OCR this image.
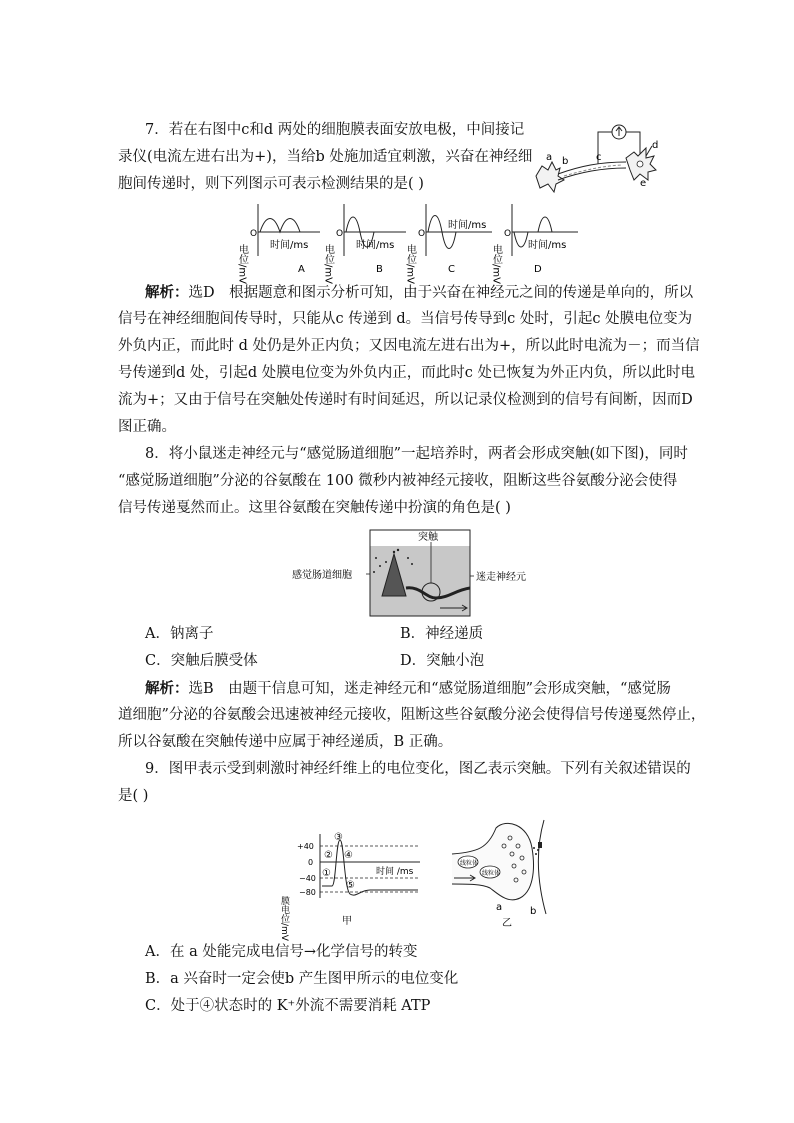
7．若在右图中c和d 两处的细胞膜表面安放电极，中间接记
录仪(电流左进右出为+)，当给b 处施加适宜刺激，兴奋在神经细
胞间传递时，则下列图示可表示检测结果的是( )
a b	c
d
e
电位/mV
O
时间/ms
A 电位/mV
O
时间/ms
B 电位/mV
O
时间/ms
C	电位/mV
O
时间/ms
D
解析：选D　根据题意和图示分析可知，由于兴奋在神经元之间的传递是单向的，所以
信号在神经细胞间传导时，只能从c 传递到 d。当信号传导到c 处时，引起c 处膜电位变为
外负内正，而此时 d 处仍是外正内负；又因电流左进右出为+，所以此时电流为－；而当信
号传递到d 处，引起d 处膜电位变为外负内正，而此时c 处已恢复为外正内负，所以此时电
流为+；又由于信号在突触处传递时有时间延迟，所以记录仪检测到的信号有间断，因而D
图正确。
8．将小鼠迷走神经元与“感觉肠道细胞”一起培养时，两者会形成突触(如下图)，同时
“感觉肠道细胞”分泌的谷氨酸在 100 微秒内被神经元接收，阻断这些谷氨酸分泌会使得
信号传递戛然而止。这里谷氨酸在突触传递中扮演的角色是( )
突触
感觉肠道细胞	迷走神经元
A．钠离子	B．神经递质
C．突触后膜受体	D．突触小泡
解析：选B　由题干信息可知，迷走神经元和“感觉肠道细胞”会形成突触，“感觉肠
道细胞”分泌的谷氨酸会迅速被神经元接收，阻断这些谷氨酸分泌会使得信号传递戛然停止，
所以谷氨酸在突触传递中应属于神经递质，B 正确。
9．图甲表示受到刺激时神经纤维上的电位变化，图乙表示突触。下列有关叙述错误的
是( )
膜电位/mV
+40
0
−40
−80
时间 /ms
①
②
③
④
⑤
甲
线粒体
线粒体
a	b
乙
A．在 a 处能完成电信号→化学信号的转变
B．a 兴奋时一定会使b 产生图甲所示的电位变化
C．处于④状态时的 K⁺外流不需要消耗 ATP
